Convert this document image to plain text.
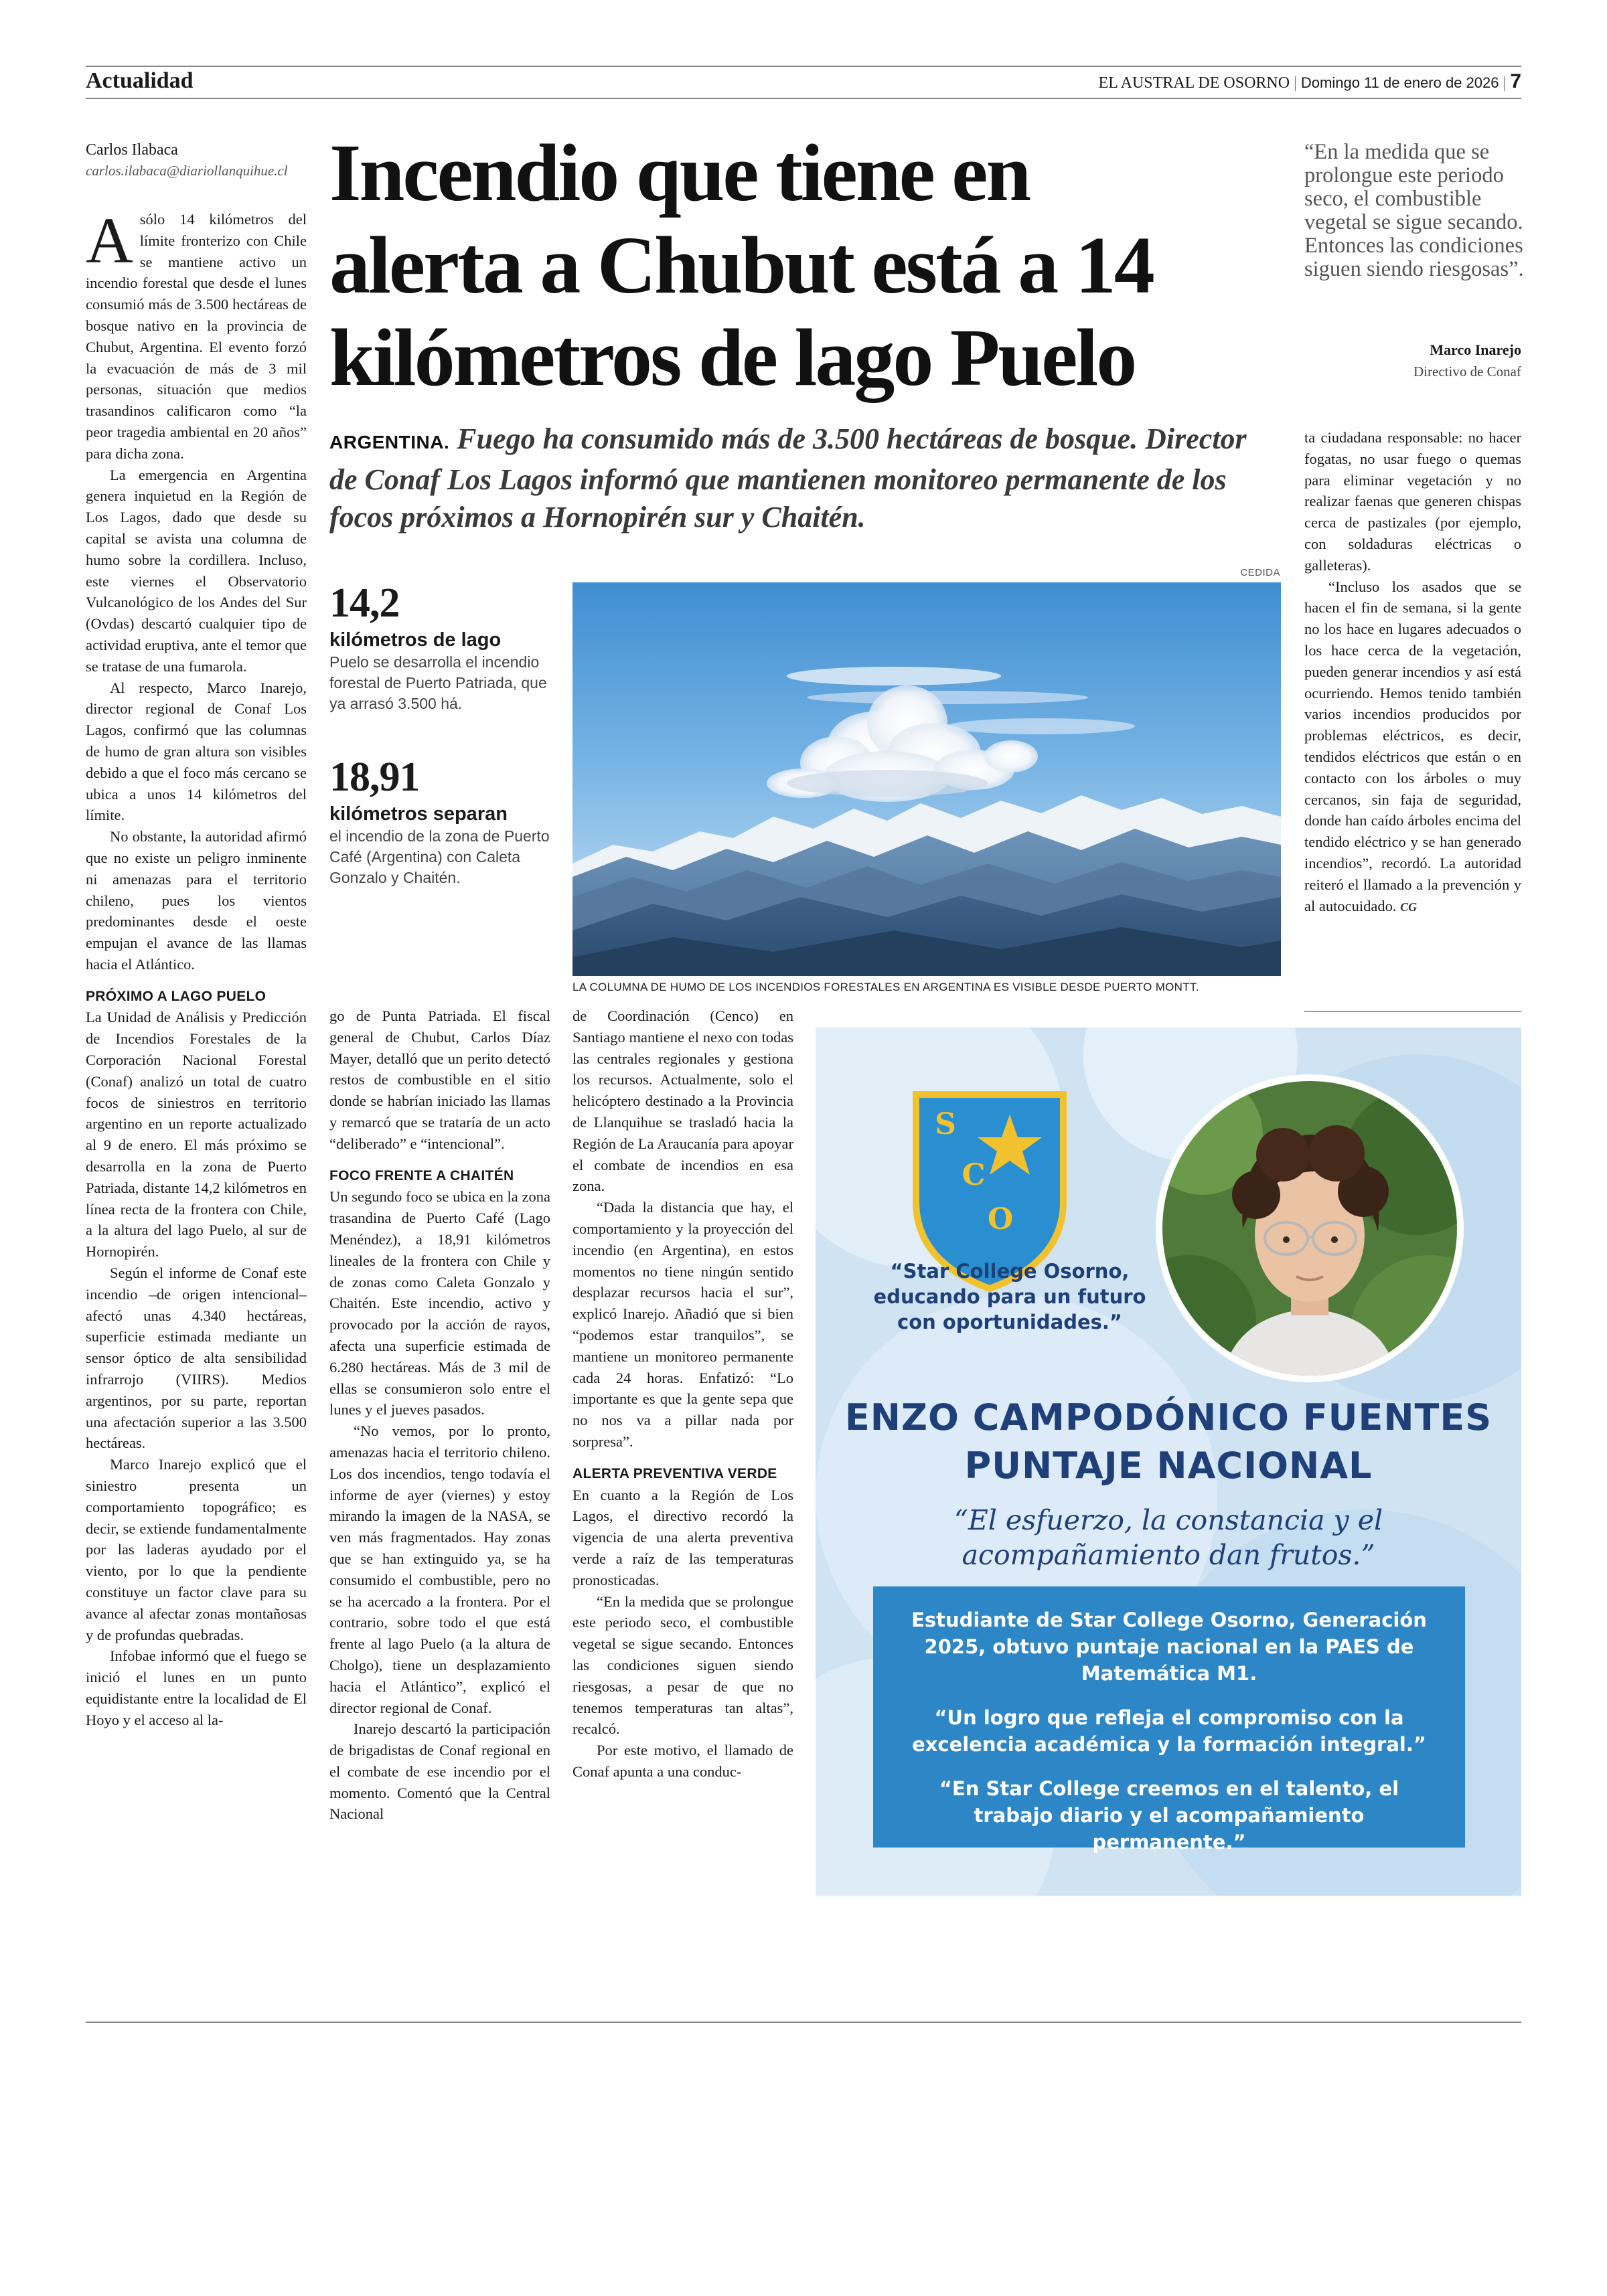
Actualidad	EL AUSTRAL DE OSORNO | Domingo 11 de enero de 2026 | 7
Carlos Ilabaca
carlos.ilabaca@diariollanquihue.cl Incendio que tiene en
alerta a Chubut está a 14
kilómetros de lago Puelo
“En la medida que se prolongue este periodo seco, el combustible vegetal se sigue secando. Entonces las condiciones siguen siendo riesgosas”.
Marco Inarejo
Directivo de Conaf
ARGENTINA. Fuego ha consumido más de 3.500 hectáreas de bosque. Director de Conaf Los Lagos informó que mantienen monitoreo permanente de los focos próximos a Hornopirén sur y Chaitén.
14,2
kilómetros de lago
Puelo se desarrolla el incendio forestal de Puerto Patriada, que ya arrasó 3.500 há.
18,91
kilómetros separan
el incendio de la zona de Puerto Café (Argentina) con Caleta Gonzalo y Chaitén.
CEDIDA
LA COLUMNA DE HUMO DE LOS INCENDIOS FORESTALES EN ARGENTINA ES VISIBLE DESDE PUERTO MONTT.

Asólo 14 kilómetros del límite fronterizo con Chile se mantiene activo un incendio forestal que desde el lunes consumió más de 3.500 hectáreas de bosque nativo en la provincia de Chubut, Argentina. El evento forzó la evacuación de más de 3 mil personas, situación que medios trasandinos calificaron como “la peor tragedia ambiental en 20 años” para dicha zona.

La emergencia en Argentina genera inquietud en la Región de Los Lagos, dado que desde su capital se avista una columna de humo sobre la cordillera. Incluso, este viernes el Observatorio Vulcanológico de los Andes del Sur (Ovdas) descartó cualquier tipo de actividad eruptiva, ante el temor que se tratase de una fumarola.

Al respecto, Marco Inarejo, director regional de Conaf Los Lagos, confirmó que las columnas de humo de gran altura son visibles debido a que el foco más cercano se ubica a unos 14 kilómetros del límite.

No obstante, la autoridad afirmó que no existe un peligro inminente ni amenazas para el territorio chileno, pues los vientos predominantes desde el oeste empujan el avance de las llamas hacia el Atlántico.

PRÓXIMO A LAGO PUELO

La Unidad de Análisis y Predicción de Incendios Forestales de la Corporación Nacional Forestal (Conaf) analizó un total de cuatro focos de siniestros en territorio argentino en un reporte actualizado al 9 de enero. El más próximo se desarrolla en la zona de Puerto Patriada, distante 14,2 kilómetros en línea recta de la frontera con Chile, a la altura del lago Puelo, al sur de Hornopirén.

Según el informe de Conaf este incendio –de origen intencional– afectó unas 4.340 hectáreas, superficie estimada mediante un sensor óptico de alta sensibilidad infrarrojo (VIIRS). Medios argentinos, por su parte, reportan una afectación superior a las 3.500 hectáreas.

Marco Inarejo explicó que el siniestro presenta un comportamiento topográfico; es decir, se extiende fundamentalmente por las laderas ayudado por el viento, por lo que la pendiente constituye un factor clave para su avance al afectar zonas montañosas y de profundas quebradas.

Infobae informó que el fuego se inició el lunes en un punto equidistante entre la localidad de El Hoyo y el acceso al la-

go de Punta Patriada. El fiscal general de Chubut, Carlos Díaz Mayer, detalló que un perito detectó restos de combustible en el sitio donde se habrían iniciado las llamas y remarcó que se trataría de un acto “deliberado” e “intencional”.

FOCO FRENTE A CHAITÉN

Un segundo foco se ubica en la zona trasandina de Puerto Café (Lago Menéndez), a 18,91 kilómetros lineales de la frontera con Chile y de zonas como Caleta Gonzalo y Chaitén. Este incendio, activo y provocado por la acción de rayos, afecta una superficie estimada de 6.280 hectáreas. Más de 3 mil de ellas se consumieron solo entre el lunes y el jueves pasados.

“No vemos, por lo pronto, amenazas hacia el territorio chileno. Los dos incendios, tengo todavía el informe de ayer (viernes) y estoy mirando la imagen de la NASA, se ven más fragmentados. Hay zonas que se han extinguido ya, se ha consumido el combustible, pero no se ha acercado a la frontera. Por el contrario, sobre todo el que está frente al lago Puelo (a la altura de Cholgo), tiene un desplazamiento hacia el Atlántico”, explicó el director regional de Conaf.

Inarejo descartó la participación de brigadistas de Conaf regional en el combate de ese incendio por el momento. Comentó que la Central Nacional

de Coordinación (Cenco) en Santiago mantiene el nexo con todas las centrales regionales y gestiona los recursos. Actualmente, solo el helicóptero destinado a la Provincia de Llanquihue se trasladó hacia la Región de La Araucanía para apoyar el combate de incendios en esa zona.

“Dada la distancia que hay, el comportamiento y la proyección del incendio (en Argentina), en estos momentos no tiene ningún sentido desplazar recursos hacia el sur”, explicó Inarejo. Añadió que si bien “podemos estar tranquilos”, se mantiene un monitoreo permanente cada 24 horas. Enfatizó: “Lo importante es que la gente sepa que no nos va a pillar nada por sorpresa”.

ALERTA PREVENTIVA VERDE

En cuanto a la Región de Los Lagos, el directivo recordó la vigencia de una alerta preventiva verde a raíz de las temperaturas pronosticadas.

“En la medida que se prolongue este periodo seco, el combustible vegetal se sigue secando. Entonces las condiciones siguen siendo riesgosas, a pesar de que no tenemos temperaturas tan altas”, recalcó.

Por este motivo, el llamado de Conaf apunta a una conduc-

ta ciudadana responsable: no hacer fogatas, no usar fuego o quemas para eliminar vegetación y no realizar faenas que generen chispas cerca de pastizales (por ejemplo, con soldaduras eléctricas o galleteras).

“Incluso los asados que se hacen el fin de semana, si la gente no los hace en lugares adecuados o los hace cerca de la vegetación, pueden generar incendios y así está ocurriendo. Hemos tenido también varios incendios producidos por problemas eléctricos, es decir, tendidos eléctricos que están o en contacto con los árboles o muy cercanos, sin faja de seguridad, donde han caído árboles encima del tendido eléctrico y se han generado incendios”, recordó. La autoridad reiteró el llamado a la prevención y al autocuidado. CG

S
C
O
“Star College Osorno, educando para un futuro con oportunidades.”
ENZO CAMPODÓNICO FUENTES
PUNTAJE NACIONAL
“El esfuerzo, la constancia y el acompañamiento dan frutos.”
Estudiante de Star College Osorno, Generación 2025, obtuvo puntaje nacional en la PAES de Matemática M1.
“Un logro que refleja el compromiso con la excelencia académica y la formación integral.”
“En Star College creemos en el talento, el trabajo diario y el acompañamiento permanente.”
